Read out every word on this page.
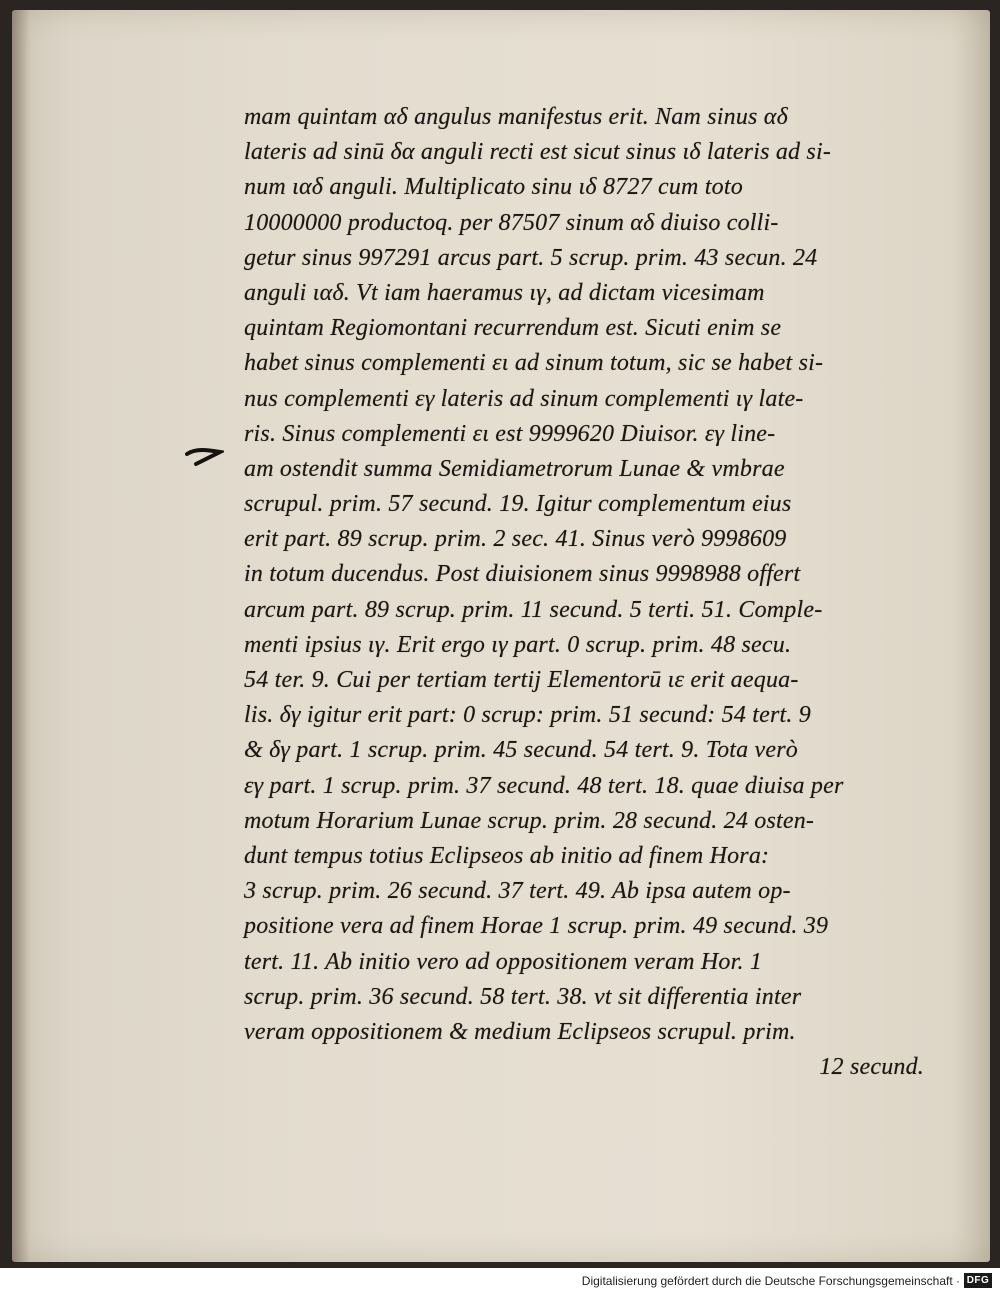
mam quintam αδ angulus manifestus erit. Nam sinus αδ
lateris ad sinū δα anguli recti est sicut sinus ιδ lateris ad si-
num ιαδ anguli. Multiplicato sinu ιδ 8727 cum toto
10000000 productoq. per 87507 sinum αδ diuiso colli-
getur sinus 997291 arcus part. 5 scrup. prim. 43 secun. 24
anguli ιαδ. Vt iam haeramus ιγ, ad dictam vicesimam
quintam Regiomontani recurrendum est. Sicuti enim se
habet sinus complementi ει ad sinum totum, sic se habet si-
nus complementi εγ lateris ad sinum complementi ιγ late-
ris. Sinus complementi ει est 9999620 Diuisor. εγ line-
am ostendit summa Semidiametrorum Lunae & vmbrae
scrupul. prim. 57 secund. 19. Igitur complementum eius
erit part. 89 scrup. prim. 2 sec. 41. Sinus verò 9998609
in totum ducendus. Post diuisionem sinus 9998988 offert
arcum part. 89 scrup. prim. 11 secund. 5 terti. 51. Comple-
menti ipsius ιγ. Erit ergo ιγ part. 0 scrup. prim. 48 secu.
54 ter. 9. Cui per tertiam tertij Elementorū ιε erit aequa-
lis. δγ igitur erit part: 0 scrup: prim. 51 secund: 54 tert. 9
& δγ part. 1 scrup. prim. 45 secund. 54 tert. 9. Tota verò
εγ part. 1 scrup. prim. 37 secund. 48 tert. 18. quae diuisa per
motum Horarium Lunae scrup. prim. 28 secund. 24 osten-
dunt tempus totius Eclipseos ab initio ad finem Hora:
3 scrup. prim. 26 secund. 37 tert. 49. Ab ipsa autem op-
positione vera ad finem Horae 1 scrup. prim. 49 secund. 39
tert. 11. Ab initio vero ad oppositionem veram Hor. 1
scrup. prim. 36 secund. 58 tert. 38. vt sit differentia inter
veram oppositionem & medium Eclipseos scrupul. prim.
12 secund.
Digitalisierung gefördert durch die Deutsche Forschungsgemeinschaft · DFG
